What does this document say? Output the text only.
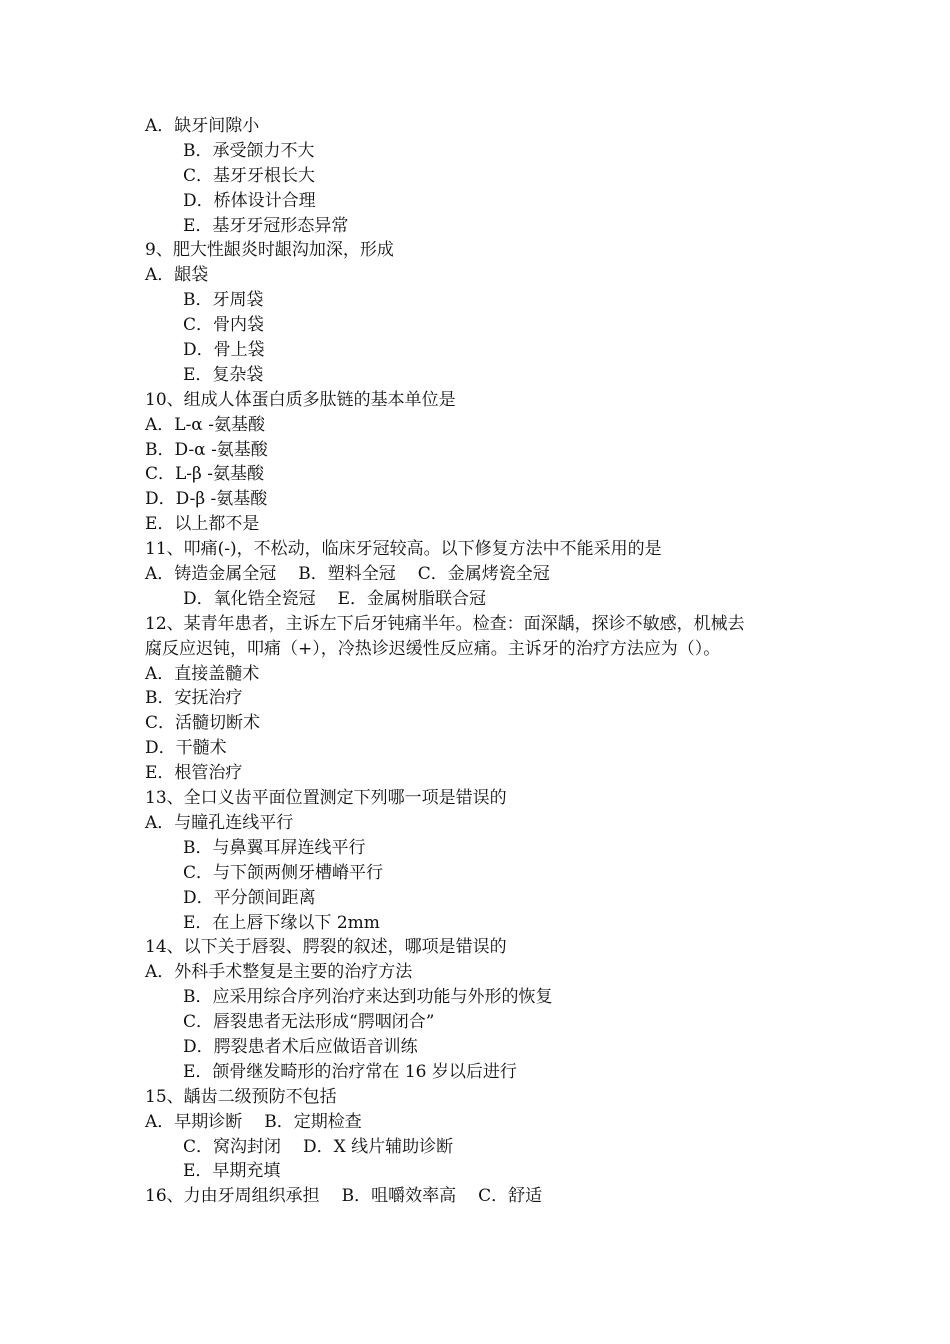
A．缺牙间隙小
B．承受颌力不大
C．基牙牙根长大
D．桥体设计合理
E．基牙牙冠形态异常
9、肥大性龈炎时龈沟加深，形成
A．龈袋
B．牙周袋
C．骨内袋
D．骨上袋
E．复杂袋
10、组成人体蛋白质多肽链的基本单位是
A．L-α -氨基酸
B．D-α -氨基酸
C．L-β -氨基酸
D．D-β -氨基酸
E．以上都不是
11、叩痛(-)，不松动，临床牙冠较高。以下修复方法中不能采用的是
A．铸造金属全冠 B．塑料全冠 C．金属烤瓷全冠
D．氧化锆全瓷冠 E．金属树脂联合冠
12、某青年患者，主诉左下后牙钝痛半年。检查：面深龋，探诊不敏感，机械去
腐反应迟钝，叩痛（+），冷热诊迟缓性反应痛。主诉牙的治疗方法应为（）。
A．直接盖髓术
B．安抚治疗
C．活髓切断术
D．干髓术
E．根管治疗
13、全口义齿平面位置测定下列哪一项是错误的
A．与瞳孔连线平行
B．与鼻翼耳屏连线平行
C．与下颌两侧牙槽嵴平行
D．平分颌间距离
E．在上唇下缘以下 2mm
14、以下关于唇裂、腭裂的叙述，哪项是错误的
A．外科手术整复是主要的治疗方法
B．应采用综合序列治疗来达到功能与外形的恢复
C．唇裂患者无法形成“腭咽闭合”
D．腭裂患者术后应做语音训练
E．颌骨继发畸形的治疗常在 16 岁以后进行
15、龋齿二级预防不包括
A．早期诊断 B．定期检查
C．窝沟封闭 D．X 线片辅助诊断
E．早期充填
16、力由牙周组织承担 B．咀嚼效率高 C．舒适
